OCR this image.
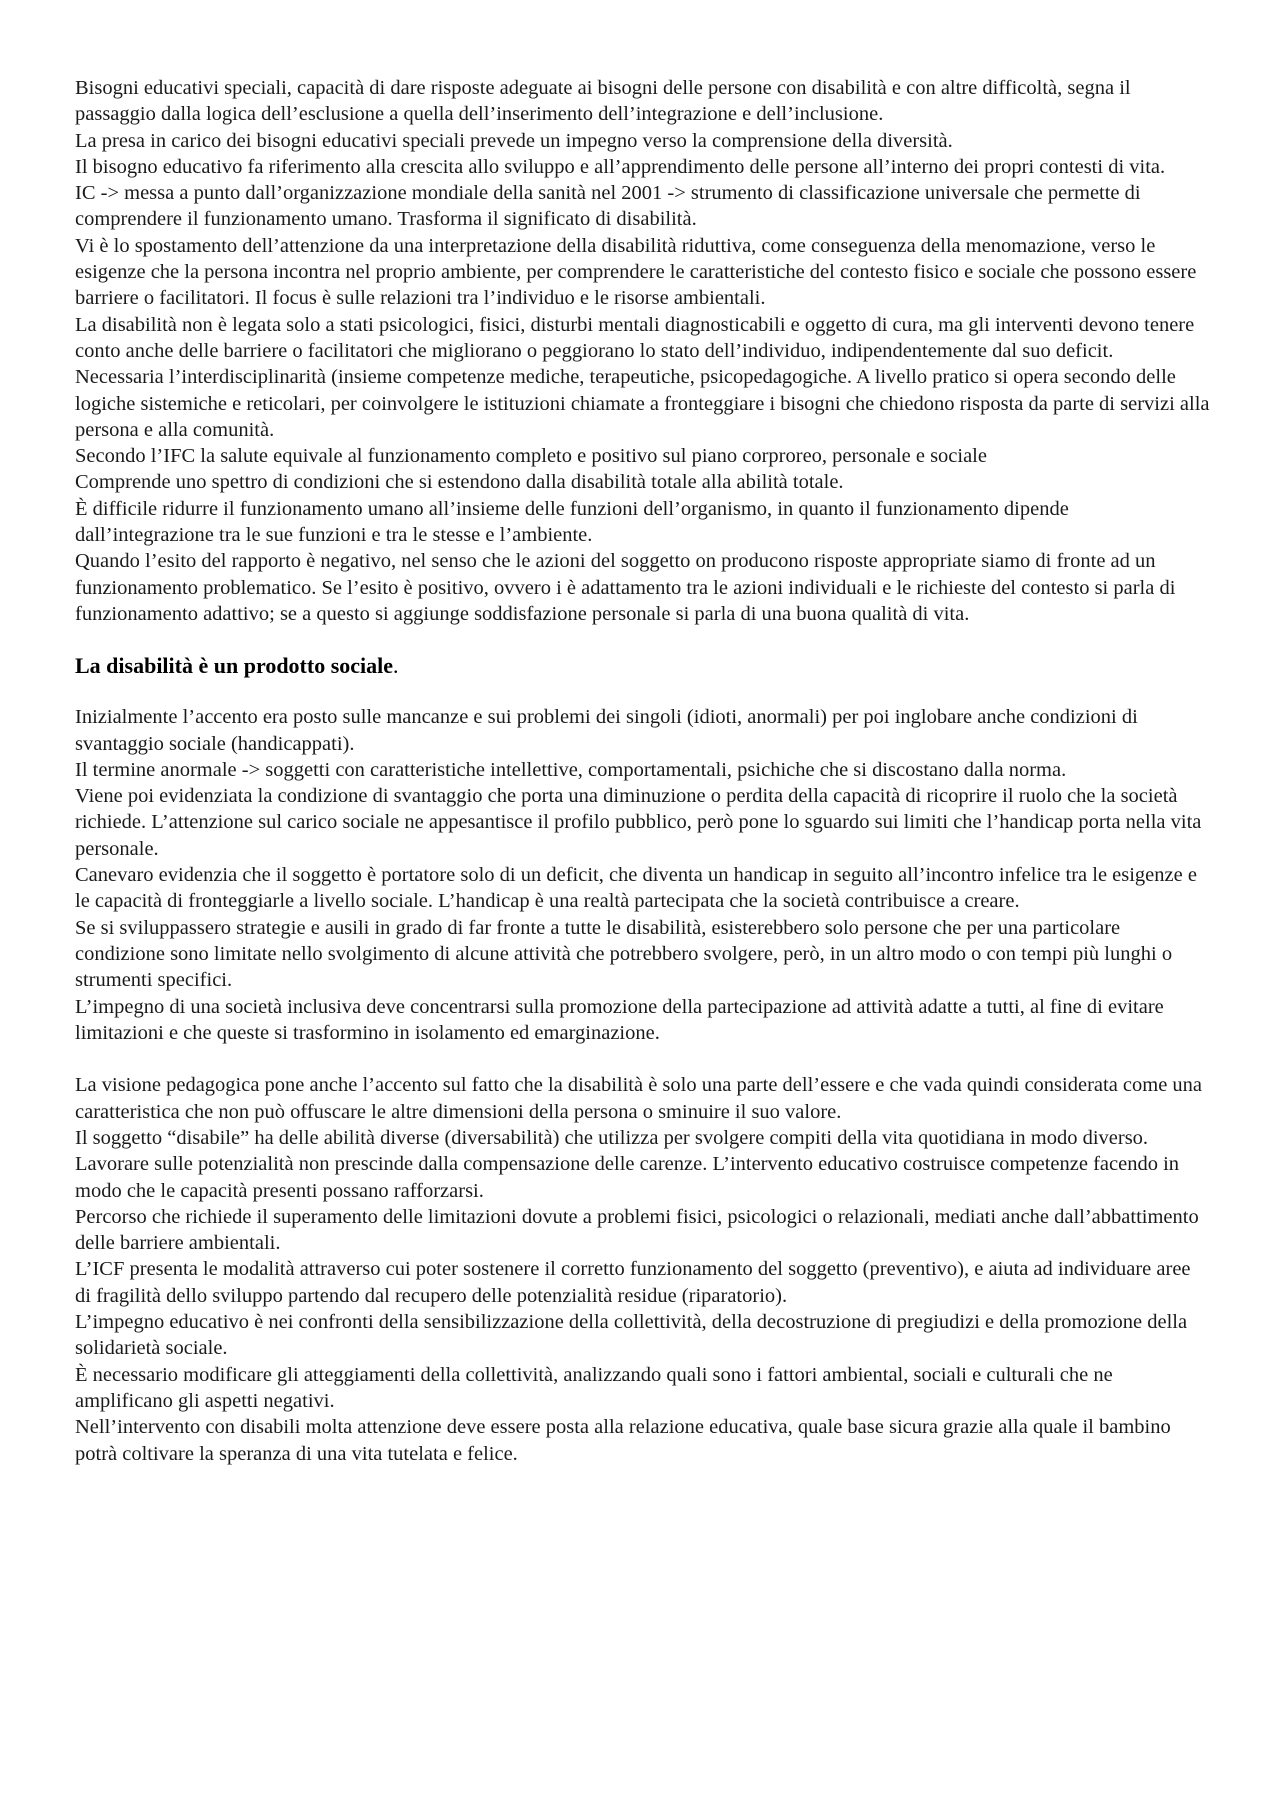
Bisogni educativi speciali, capacità di dare risposte adeguate ai bisogni delle persone con disabilità e con altre difficoltà, segna il passaggio dalla logica dell’esclusione a quella dell’inserimento dell’integrazione e dell’inclusione.

La presa in carico dei bisogni educativi speciali prevede un impegno verso la comprensione della diversità.

Il bisogno educativo fa riferimento alla crescita allo sviluppo e all’apprendimento delle persone all’interno dei propri contesti di vita.

IC -> messa a punto dall’organizzazione mondiale della sanità nel 2001 -> strumento di classificazione universale che permette di comprendere il funzionamento umano. Trasforma il significato di disabilità.

Vi è lo spostamento dell’attenzione da una interpretazione della disabilità riduttiva, come conseguenza della menomazione, verso le esigenze che la persona incontra nel proprio ambiente, per comprendere le caratteristiche del contesto fisico e sociale che possono essere barriere o facilitatori. Il focus è sulle relazioni tra l’individuo e le risorse ambientali.

La disabilità non è legata solo a stati psicologici, fisici, disturbi mentali diagnosticabili e oggetto di cura, ma gli interventi devono tenere conto anche delle barriere o facilitatori che migliorano o peggiorano lo stato dell’individuo, indipendentemente dal suo deficit.

Necessaria l’interdisciplinarità (insieme competenze mediche, terapeutiche, psicopedagogiche. A livello pratico si opera secondo delle logiche sistemiche e reticolari, per coinvolgere le istituzioni chiamate a fronteggiare i bisogni che chiedono risposta da parte di servizi alla persona e alla comunità.

Secondo l’IFC la salute equivale al funzionamento completo e positivo sul piano corproreo, personale e sociale

Comprende uno spettro di condizioni che si estendono dalla disabilità totale alla abilità totale.

È difficile ridurre il funzionamento umano all’insieme delle funzioni dell’organismo, in quanto il funzionamento dipende dall’integrazione tra le sue funzioni e tra le stesse e l’ambiente.

Quando l’esito del rapporto è negativo, nel senso che le azioni del soggetto on producono risposte appropriate siamo di fronte ad un funzionamento problematico. Se l’esito è positivo, ovvero i è adattamento tra le azioni individuali e le richieste del contesto si parla di funzionamento adattivo; se a questo si aggiunge soddisfazione personale si parla di una buona qualità di vita.

La disabilità è un prodotto sociale.

Inizialmente l’accento era posto sulle mancanze e sui problemi dei singoli (idioti, anormali) per poi inglobare anche condizioni di svantaggio sociale (handicappati).

Il termine anormale -> soggetti con caratteristiche intellettive, comportamentali, psichiche che si discostano dalla norma.

Viene poi evidenziata la condizione di svantaggio che porta una diminuzione o perdita della capacità di ricoprire il ruolo che la società richiede. L’attenzione sul carico sociale ne appesantisce il profilo pubblico, però pone lo sguardo sui limiti che l’handicap porta nella vita personale.

Canevaro evidenzia che il soggetto è portatore solo di un deficit, che diventa un handicap in seguito all’incontro infelice tra le esigenze e le capacità di fronteggiarle a livello sociale. L’handicap è una realtà partecipata che la società contribuisce a creare.

Se si sviluppassero strategie e ausili in grado di far fronte a tutte le disabilità, esisterebbero solo persone che per una particolare condizione sono limitate nello svolgimento di alcune attività che potrebbero svolgere, però, in un altro modo o con tempi più lunghi o strumenti specifici.

L’impegno di una società inclusiva deve concentrarsi sulla promozione della partecipazione ad attività adatte a tutti, al fine di evitare limitazioni e che queste si trasformino in isolamento ed emarginazione.

La visione pedagogica pone anche l’accento sul fatto che la disabilità è solo una parte dell’essere e che vada quindi considerata come una caratteristica che non può offuscare le altre dimensioni della persona o sminuire il suo valore.

Il soggetto “disabile” ha delle abilità diverse (diversabilità) che utilizza per svolgere compiti della vita quotidiana in modo diverso.

Lavorare sulle potenzialità non prescinde dalla compensazione delle carenze. L’intervento educativo costruisce competenze facendo in modo che le capacità presenti possano rafforzarsi.

Percorso che richiede il superamento delle limitazioni dovute a problemi fisici, psicologici o relazionali, mediati anche dall’abbattimento delle barriere ambientali.

L’ICF presenta le modalità attraverso cui poter sostenere il corretto funzionamento del soggetto (preventivo), e aiuta ad individuare aree di fragilità dello sviluppo partendo dal recupero delle potenzialità residue (riparatorio).

L’impegno educativo è nei confronti della sensibilizzazione della collettività, della decostruzione di pregiudizi e della promozione della solidarietà sociale.

È necessario modificare gli atteggiamenti della collettività, analizzando quali sono i fattori ambiental, sociali e culturali che ne amplificano gli aspetti negativi.

Nell’intervento con disabili molta attenzione deve essere posta alla relazione educativa, quale base sicura grazie alla quale il bambino potrà coltivare la speranza di una vita tutelata e felice.
